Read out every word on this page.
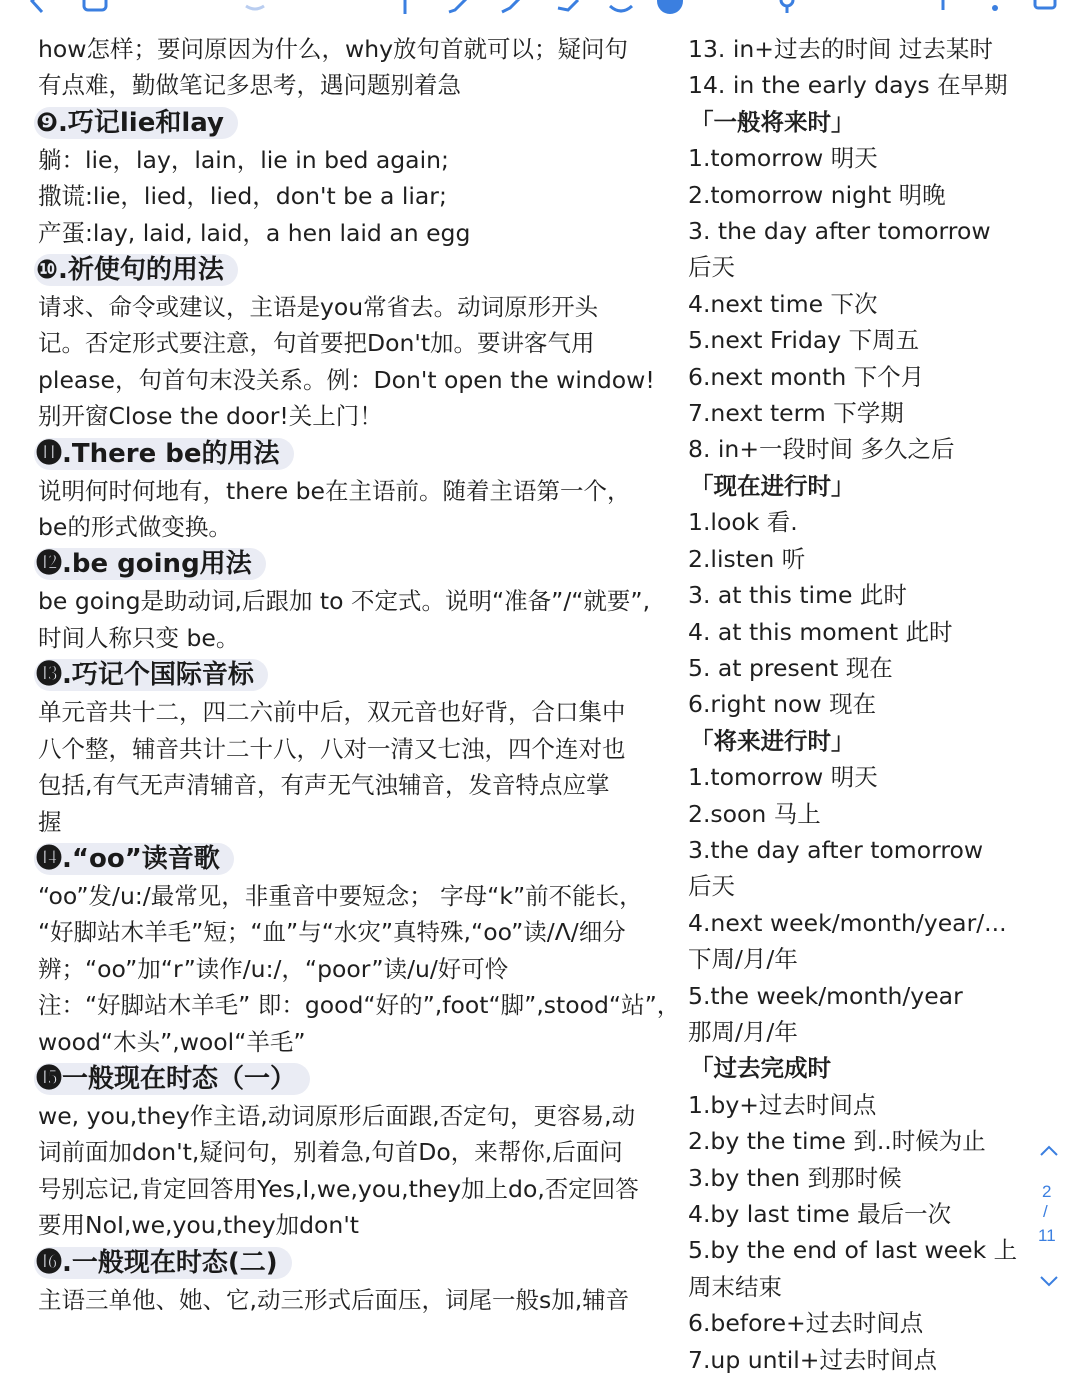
how怎样；要问原因为什么，why放句首就可以；疑问句
有点难，勤做笔记多思考，遇问题别着急
❾.巧记lie和lay
躺：lie，lay，lain，lie in bed again;
撒谎:lie，lied，lied，don't be a liar;
产蛋:lay, laid, laid，a hen laid an egg
❿.祈使句的用法
请求、命令或建议，主语是you常省去。动词原形开头
记。否定形式要注意，句首要把Don't加。要讲客气用
please，句首句末没关系。例：Don't open the window!
别开窗Close the door!关上门！
⓫.There be的用法
说明何时何地有，there be在主语前。随着主语第一个，
be的形式做变换。
⓬.be going用法
be going是助动词,后跟加 to 不定式。说明“准备”/“就要”,
时间人称只变 be。
⓭.巧记个国际音标
单元音共十二，四二六前中后，双元音也好背，合口集中
八个整，辅音共计二十八，八对一清又七浊，四个连对也
包括,有气无声清辅音，有声无气浊辅音，发音特点应掌
握
⓮.“oo”读音歌
“oo”发/u:/最常见，非重音中要短念； 字母“k”前不能长，
“好脚站木羊毛”短；“血”与“水灾”真特殊,“oo”读/Λ/细分
辨；“oo”加“r”读作/u:/，“poor”读/u/好可怜
注：“好脚站木羊毛” 即：good“好的”,foot“脚”,stood“站”，
wood“木头”,wool“羊毛”
⓯一般现在时态（一）
we, you,they作主语,动词原形后面跟,否定句，更容易,动
词前面加don't,疑问句，别着急,句首Do，来帮你,后面问
号别忘记,肯定回答用Yes,I,we,you,they加上do,否定回答
要用NoI,we,you,they加don't
⓰.一般现在时态(二)
主语三单他、她、它,动三形式后面压，词尾一般s加,辅音
13. in+过去的时间 过去某时
14. in the early days 在早期
「一般将来时」
1.tomorrow 明天
2.tomorrow night 明晚
3. the day after tomorrow
后天
4.next time 下次
5.next Friday 下周五
6.next month 下个月
7.next term 下学期
8. in+一段时间 多久之后
「现在进行时」
1.look 看.
2.listen 听
3. at this time 此时
4. at this moment 此时
5. at present 现在
6.right now 现在
「将来进行时」
1.tomorrow 明天
2.soon 马上
3.the day after tomorrow
后天
4.next week/month/year/...
下周/月/年
5.the week/month/year
那周/月/年
「过去完成时
1.by+过去时间点
2.by the time 到..时候为止
3.by then 到那时候
4.by last time 最后一次
5.by the end of last week 上
周末结束
6.before+过去时间点
7.up until+过去时间点
2
/
11
